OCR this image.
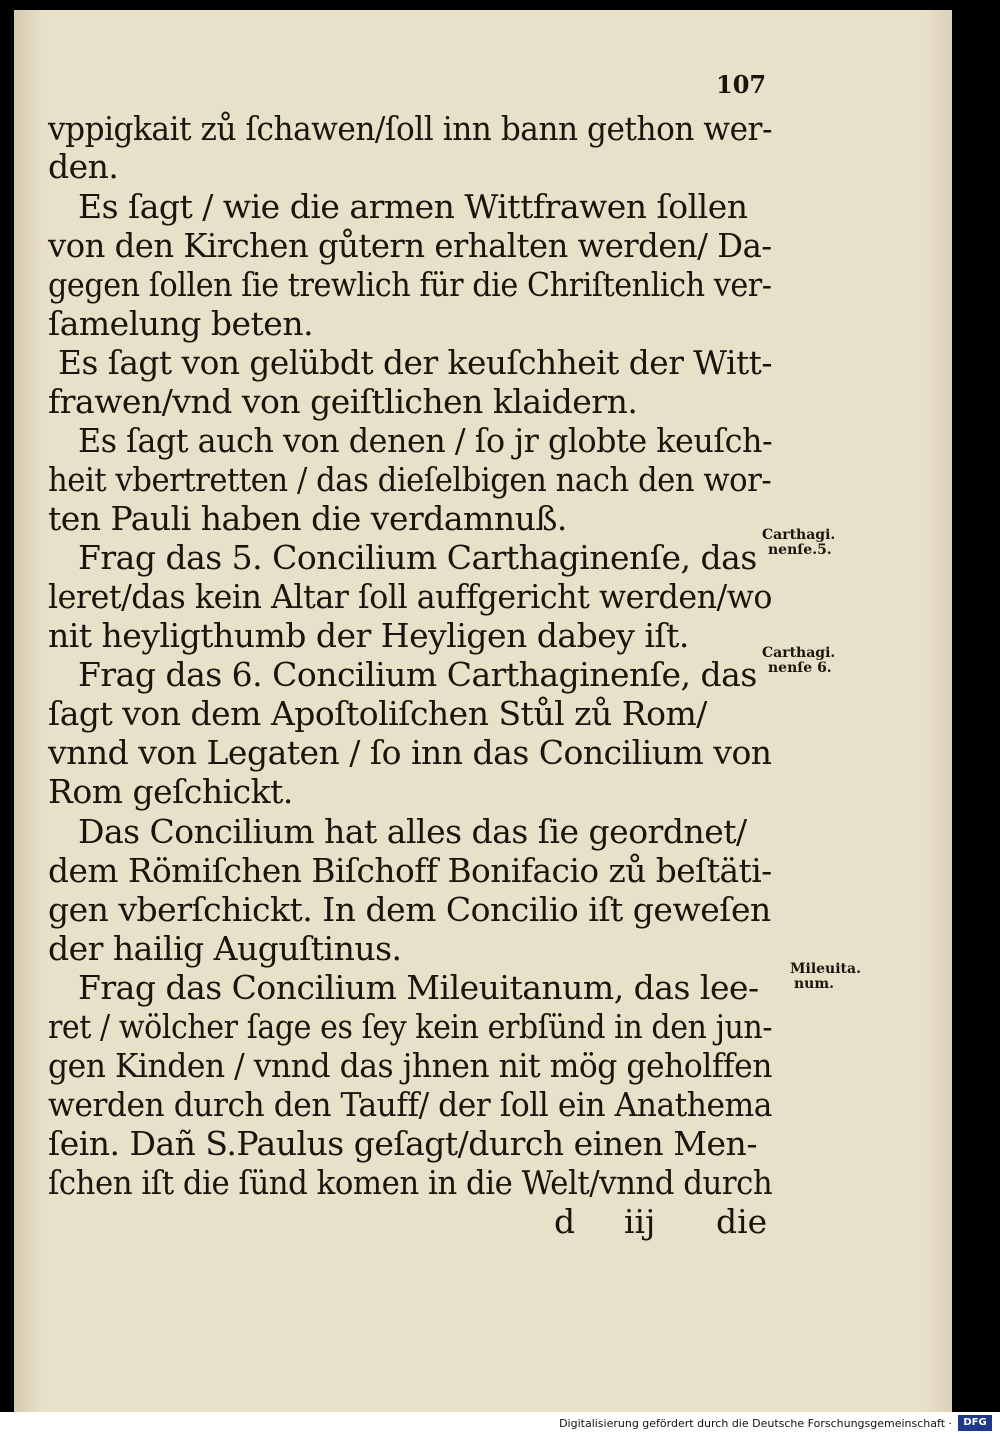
107
vppigkait zů ſchawen/ſoll inn bann gethon wer‑
den.
Es ſagt / wie die armen Wittfrawen ſollen
von den Kirchen gůtern erhalten werden/ Da‑
gegen ſollen ſie trewlich für die Chriſtenlich ver‑
ſamelung beten.
Es ſagt von gelübdt der keuſchheit der Witt‑
frawen/vnd von geiſtlichen klaidern.
Es ſagt auch von denen / ſo jr globte keuſch‑
heit vbertretten / das dieſelbigen nach den wor‑
ten Pauli haben die verdamnuß.
Frag das 5. Concilium Carthaginenſe, das
leret/das kein Altar ſoll auffgericht werden/wo
nit heyligthumb der Heyligen dabey iſt.
Frag das 6. Concilium Carthaginenſe, das
ſagt von dem Apoſtoliſchen Stůl zů Rom/
vnnd von Legaten / ſo inn das Concilium von
Rom geſchickt.
Das Concilium hat alles das ſie geordnet/
dem Römiſchen Biſchoff Bonifacio zů beſtäti‑
gen vberſchickt. In dem Concilio iſt geweſen
der hailig Auguſtinus.
Frag das Concilium Mileuitanum, das lee‑
ret / wölcher ſage es ſey kein erbſünd in den jun‑
gen Kinden / vnnd das jhnen nit mög geholffen
werden durch den Tauff/ der ſoll ein Anathema
ſein. Dañ S.Paulus geſagt/durch einen Men‑
ſchen iſt die ſünd komen in die Welt/vnnd durch
Carthagi.
nenſe.5.
Carthagi.
nenſe 6.
Mileuita.
num.
d iij die
Digitalisierung gefördert durch die Deutsche Forschungsgemeinschaft ·	DFG
